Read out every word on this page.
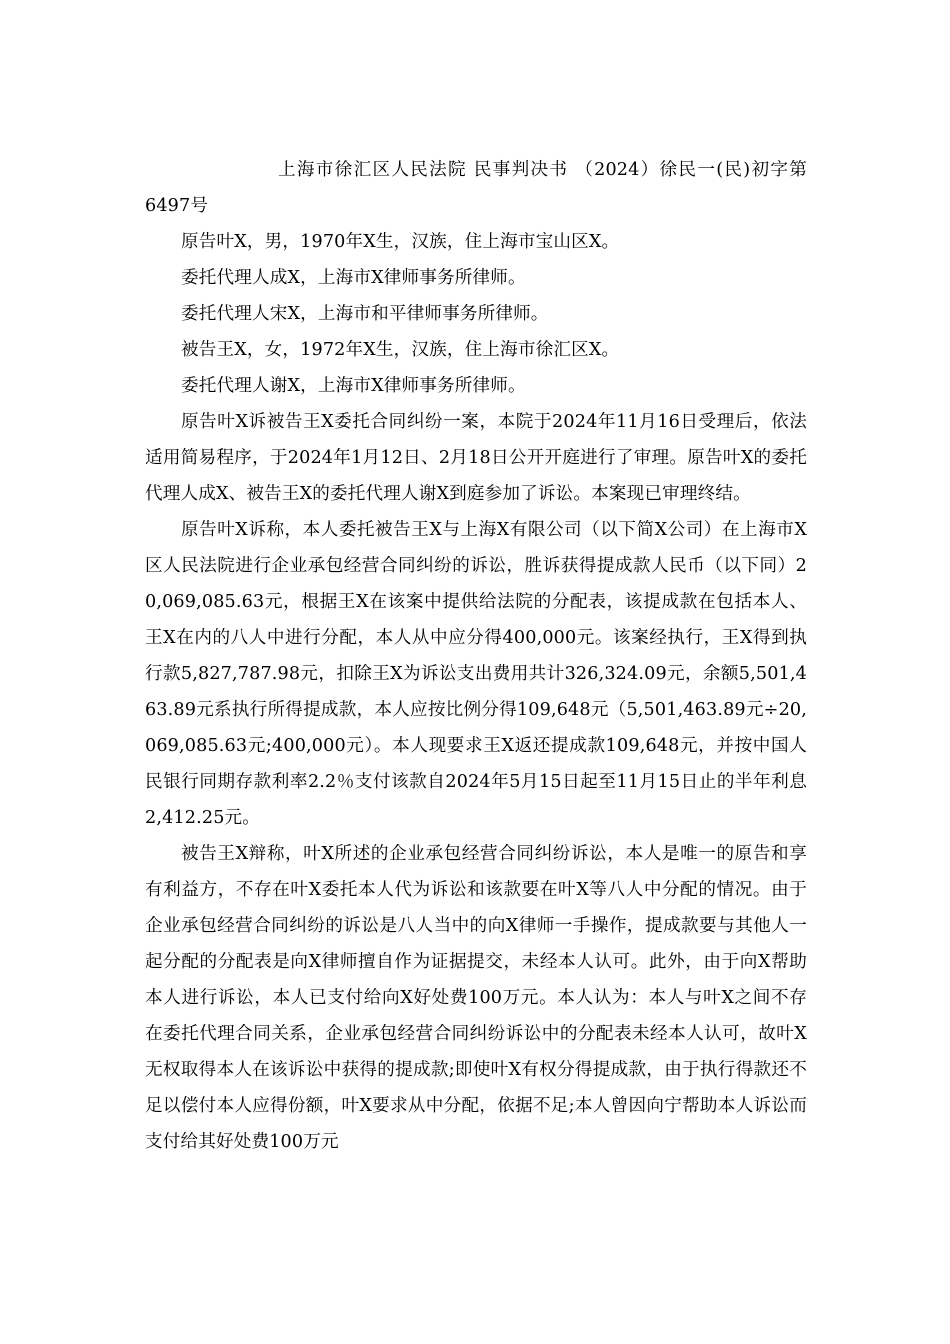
上海市徐汇区人民法院 民事判决书 （2024）徐民一(民)初字第6497号

原告叶X，男，1970年X生，汉族，住上海市宝山区X。

委托代理人成X，上海市X律师事务所律师。

委托代理人宋X，上海市和平律师事务所律师。

被告王X，女，1972年X生，汉族，住上海市徐汇区X。

委托代理人谢X，上海市X律师事务所律师。

原告叶X诉被告王X委托合同纠纷一案，本院于2024年11月16日受理后，依法适用简易程序，于2024年1月12日、2月18日公开开庭进行了审理。原告叶X的委托代理人成X、被告王X的委托代理人谢X到庭参加了诉讼。本案现已审理终结。

原告叶X诉称，本人委托被告王X与上海X有限公司（以下简X公司）在上海市X区人民法院进行企业承包经营合同纠纷的诉讼，胜诉获得提成款人民币（以下同）20,069,085.63元，根据王X在该案中提供给法院的分配表，该提成款在包括本人、王X在内的八人中进行分配，本人从中应分得400,000元。该案经执行，王X得到执行款5,827,787.98元，扣除王X为诉讼支出费用共计326,324.09元，余额5,501,463.89元系执行所得提成款，本人应按比例分得109,648元（5,501,463.89元÷20,069,085.63元;400,000元）。本人现要求王X返还提成款109,648元，并按中国人民银行同期存款利率2.2％支付该款自2024年5月15日起至11月15日止的半年利息2,412.25元。

被告王X辩称，叶X所述的企业承包经营合同纠纷诉讼，本人是唯一的原告和享有利益方，不存在叶X委托本人代为诉讼和该款要在叶X等八人中分配的情况。由于企业承包经营合同纠纷的诉讼是八人当中的向X律师一手操作，提成款要与其他人一起分配的分配表是向X律师擅自作为证据提交，未经本人认可。此外，由于向X帮助本人进行诉讼，本人已支付给向X好处费100万元。本人认为：本人与叶X之间不存在委托代理合同关系，企业承包经营合同纠纷诉讼中的分配表未经本人认可，故叶X无权取得本人在该诉讼中获得的提成款;即使叶X有权分得提成款，由于执行得款还不足以偿付本人应得份额，叶X要求从中分配，依据不足;本人曾因向宁帮助本人诉讼而支付给其好处费100万元
